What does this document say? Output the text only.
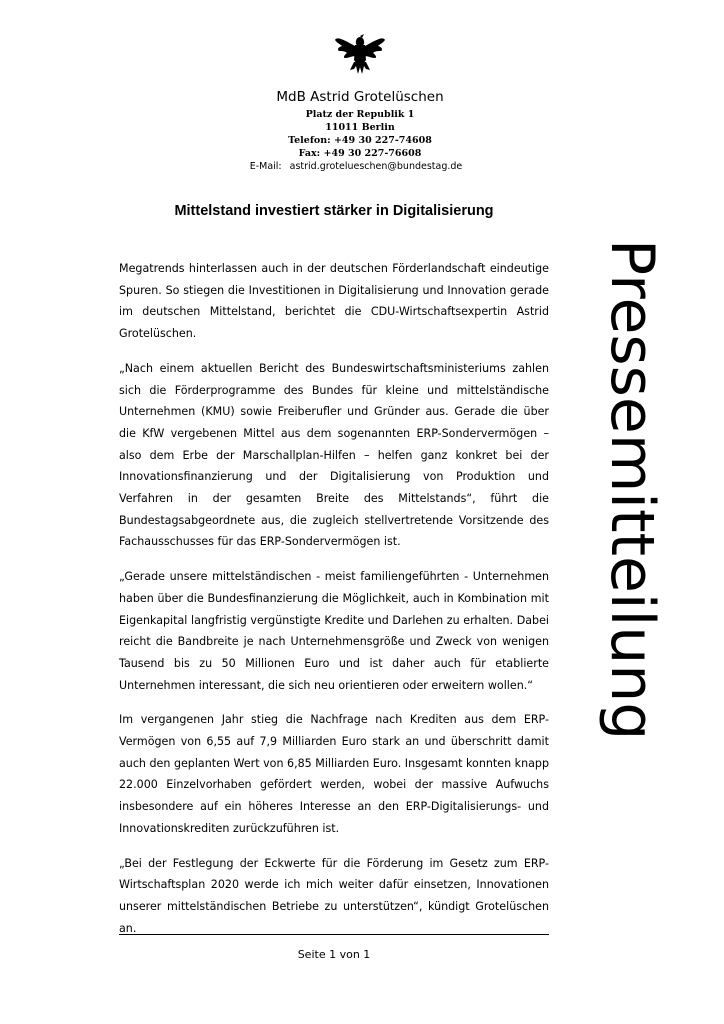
MdB Astrid Grotelüschen
Platz der Republik 1
11011 Berlin
Telefon: +49 30 227-74608
Fax: +49 30 227-76608
E-Mail: astrid.grotelueschen@bundestag.de
Pressemitteilung
Mittelstand investiert stärker in Digitalisierung

Megatrends hinterlassen auch in der deutschen Förderlandschaft eindeutige Spuren. So stiegen die Investitionen in Digitalisierung und Innovation gerade im deutschen Mittelstand, berichtet die CDU-Wirtschaftsexpertin Astrid Grotelüschen.

„Nach einem aktuellen Bericht des Bundeswirtschaftsministeriums zahlen sich die Förderprogramme des Bundes für kleine und mittelständische Unternehmen (KMU) sowie Freiberufler und Gründer aus. Gerade die über die KfW vergebenen Mittel aus dem sogenannten ERP-Sondervermögen – also dem Erbe der Marschallplan-Hilfen – helfen ganz konkret bei der Innovationsfinanzierung und der Digitalisierung von Produktion und Verfahren in der gesamten Breite des Mittelstands“, führt die Bundestagsabgeordnete aus, die zugleich stellvertretende Vorsitzende des Fachausschusses für das ERP-Sondervermögen ist.

„Gerade unsere mittelständischen - meist familiengeführten - Unternehmen haben über die Bundesfinanzierung die Möglichkeit, auch in Kombination mit Eigenkapital langfristig vergünstigte Kredite und Darlehen zu erhalten. Dabei reicht die Bandbreite je nach Unternehmensgröße und Zweck von wenigen Tausend bis zu 50 Millionen Euro und ist daher auch für etablierte Unternehmen interessant, die sich neu orientieren oder erweitern wollen.“

Im vergangenen Jahr stieg die Nachfrage nach Krediten aus dem ERP-Vermögen von 6,55 auf 7,9 Milliarden Euro stark an und überschritt damit auch den geplanten Wert von 6,85 Milliarden Euro. Insgesamt konnten knapp 22.000 Einzelvorhaben gefördert werden, wobei der massive Aufwuchs insbesondere auf ein höheres Interesse an den ERP-Digitalisierungs- und Innovationskrediten zurückzuführen ist.

„Bei der Festlegung der Eckwerte für die Förderung im Gesetz zum ERP-Wirtschaftsplan 2020 werde ich mich weiter dafür einsetzen, Innovationen unserer mittelständischen Betriebe zu unterstützen“, kündigt Grotelüschen an.

Seite 1 von 1
